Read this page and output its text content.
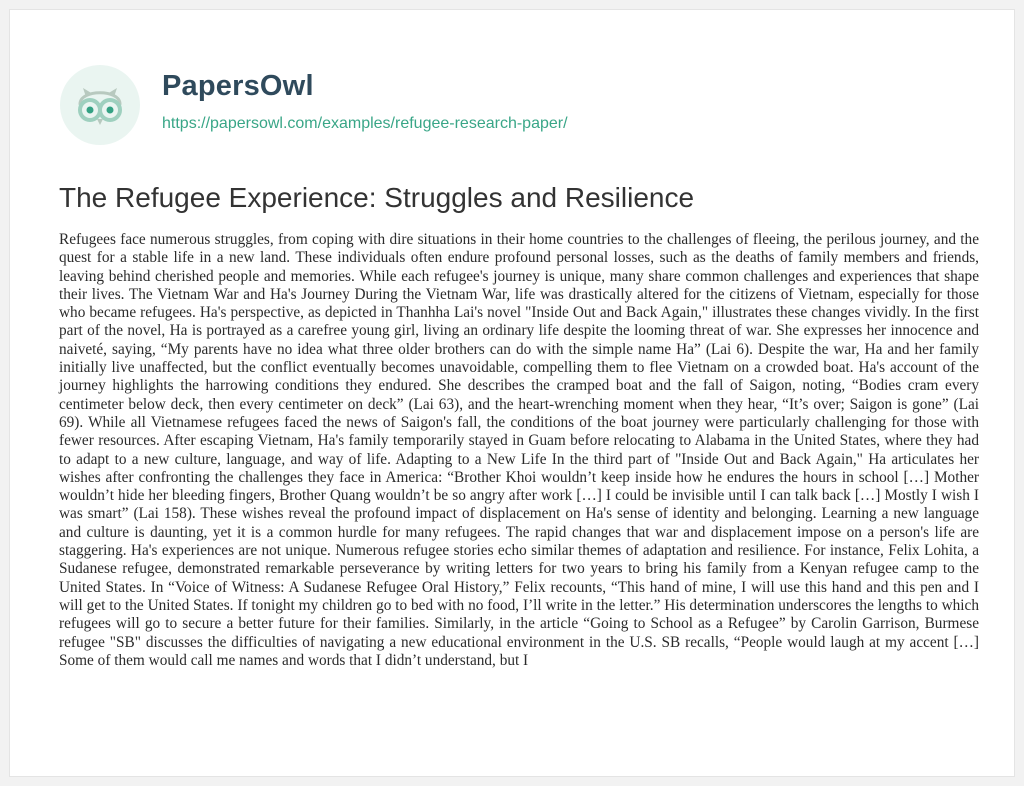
PapersOwl
https://papersowl.com/examples/refugee-research-paper/
The Refugee Experience: Struggles and Resilience

Refugees face numerous struggles, from coping with dire situations in their home countries to the challenges of fleeing, the perilous journey, and the quest for a stable life in a new land. These individuals often endure profound personal losses, such as the deaths of family members and friends, leaving behind cherished people and memories. While each refugee's journey is unique, many share common challenges and experiences that shape their lives. The Vietnam War and Ha's Journey During the Vietnam War, life was drastically altered for the citizens of Vietnam, especially for those who became refugees. Ha's perspective, as depicted in Thanhha Lai's novel "Inside Out and Back Again," illustrates these changes vividly. In the first part of the novel, Ha is portrayed as a carefree young girl, living an ordinary life despite the looming threat of war. She expresses her innocence and naiveté, saying, “My parents have no idea what three older brothers can do with the simple name Ha” (Lai 6). Despite the war, Ha and her family initially live unaffected, but the conflict eventually becomes unavoidable, compelling them to flee Vietnam on a crowded boat. Ha's account of the journey highlights the harrowing conditions they endured. She describes the cramped boat and the fall of Saigon, noting, “Bodies cram every centimeter below deck, then every centimeter on deck” (Lai 63), and the heart-wrenching moment when they hear, “It’s over; Saigon is gone” (Lai 69). While all Vietnamese refugees faced the news of Saigon's fall, the conditions of the boat journey were particularly challenging for those with fewer resources. After escaping Vietnam, Ha's family temporarily stayed in Guam before relocating to Alabama in the United States, where they had to adapt to a new culture, language, and way of life. Adapting to a New Life In the third part of "Inside Out and Back Again," Ha articulates her wishes after confronting the challenges they face in America: “Brother Khoi wouldn’t keep inside how he endures the hours in school […] Mother wouldn’t hide her bleeding fingers, Brother Quang wouldn’t be so angry after work […] I could be invisible until I can talk back […] Mostly I wish I was smart” (Lai 158). These wishes reveal the profound impact of displacement on Ha's sense of identity and belonging. Learning a new language and culture is daunting, yet it is a common hurdle for many refugees. The rapid changes that war and displacement impose on a person's life are staggering. Ha's experiences are not unique. Numerous refugee stories echo similar themes of adaptation and resilience. For instance, Felix Lohita, a Sudanese refugee, demonstrated remarkable perseverance by writing letters for two years to bring his family from a Kenyan refugee camp to the United States. In “Voice of Witness: A Sudanese Refugee Oral History,” Felix recounts, “This hand of mine, I will use this hand and this pen and I will get to the United States. If tonight my children go to bed with no food, I’ll write in the letter.” His determination underscores the lengths to which refugees will go to secure a better future for their families. Similarly, in the article “Going to School as a Refugee” by Carolin Garrison, Burmese refugee "SB" discusses the difficulties of navigating a new educational environment in the U.S. SB recalls, “People would laugh at my accent […] Some of them would call me names and words that I didn’t understand, but I
